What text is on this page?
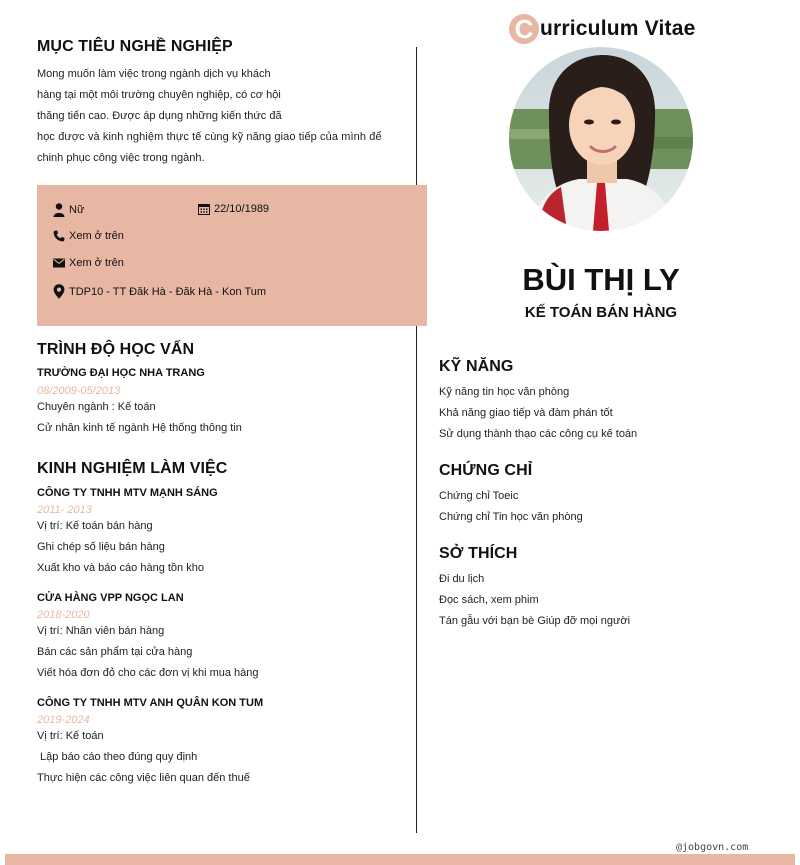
C urriculum Vitae
MỤC TIÊU NGHỀ NGHIỆP

Mong muốn làm việc trong ngành dịch vụ khách

hàng tại một môi trường chuyên nghiệp, có cơ hội

thăng tiến cao. Được áp dụng những kiến thức đã

học được và kinh nghiệm thực tế cùng kỹ năng giao tiếp của mình để

chinh phục công việc trong ngành.

Nữ	22/10/1989
Xem ở trên
Xem ở trên
TDP10 - TT Đăk Hà - Đăk Hà - Kon Tum	BÙI THỊ LY
KẾ TOÁN BÁN HÀNG
TRÌNH ĐỘ HỌC VẤN

TRƯỜNG ĐẠI HỌC NHA TRANG

08/2009-05/2013

Chuyên ngành : Kế toán

Cử nhân kinh tế ngành Hệ thống thông tin

KINH NGHIỆM LÀM VIỆC

CÔNG TY TNHH MTV MẠNH SÁNG

2011- 2013

Vị trí: Kế toán bán hàng

Ghi chép số liệu bán hàng

Xuất kho và báo cáo hàng tồn kho

CỬA HÀNG VPP NGỌC LAN

2018-2020

Vị trí: Nhân viên bán hàng

Bán các sản phẩm tại cửa hàng

Viết hóa đơn đỏ cho các đơn vị khi mua hàng

CÔNG TY TNHH MTV ANH QUÂN KON TUM

2019-2024

Vị trí: Kế toán

Lập báo cáo theo đúng quy định

Thực hiện các công việc liên quan đến thuế

KỸ NĂNG

Kỹ năng tin học văn phòng

Khả năng giao tiếp và đàm phán tốt

Sử dụng thành thạo các công cụ kế toán

CHỨNG CHỈ

Chứng chỉ Toeic

Chứng chỉ Tin học văn phòng

SỞ THÍCH

Đi du lịch

Đọc sách, xem phim

Tán gẫu với bạn bè Giúp đỡ mọi người

@jobgovn.com
